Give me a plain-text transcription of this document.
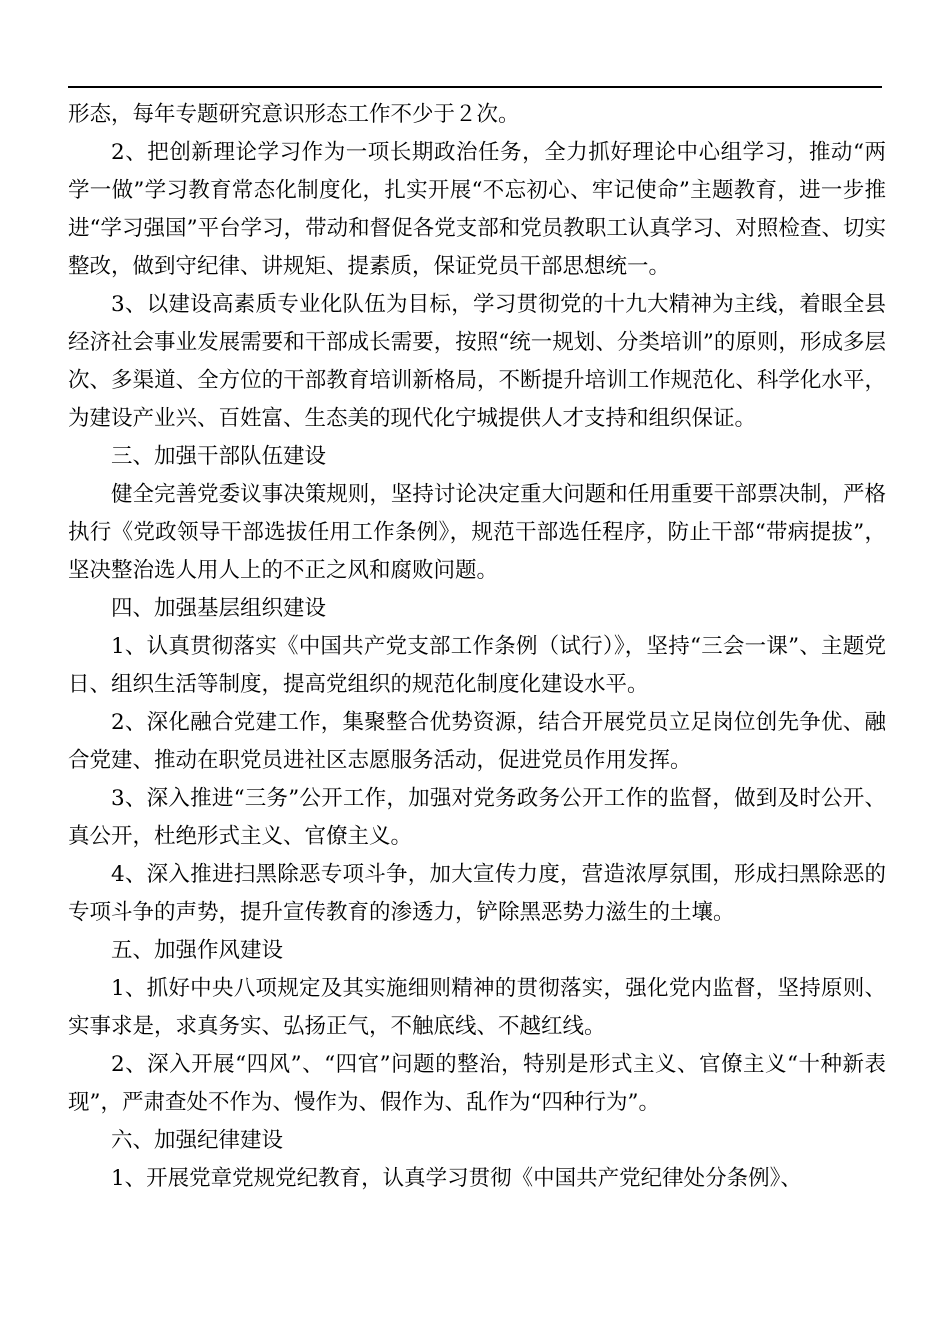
形态，每年专题研究意识形态工作不少于２次。

2、把创新理论学习作为一项长期政治任务，全力抓好理论中心组学习，推动“两学一做”学习教育常态化制度化，扎实开展“不忘初心、牢记使命”主题教育，进一步推进“学习强国”平台学习，带动和督促各党支部和党员教职工认真学习、对照检查、切实整改，做到守纪律、讲规矩、提素质，保证党员干部思想统一。

3、以建设高素质专业化队伍为目标，学习贯彻党的十九大精神为主线，着眼全县经济社会事业发展需要和干部成长需要，按照“统一规划、分类培训”的原则，形成多层次、多渠道、全方位的干部教育培训新格局，不断提升培训工作规范化、科学化水平，为建设产业兴、百姓富、生态美的现代化宁城提供人才支持和组织保证。

三、加强干部队伍建设

健全完善党委议事决策规则，坚持讨论决定重大问题和任用重要干部票决制，严格执行《党政领导干部选拔任用工作条例》，规范干部选任程序，防止干部“带病提拔”，坚决整治选人用人上的不正之风和腐败问题。

四、加强基层组织建设

1、认真贯彻落实《中国共产党支部工作条例（试行）》，坚持“三会一课”、主题党日、组织生活等制度，提高党组织的规范化制度化建设水平。

2、深化融合党建工作，集聚整合优势资源，结合开展党员立足岗位创先争优、融合党建、推动在职党员进社区志愿服务活动，促进党员作用发挥。

3、深入推进“三务”公开工作，加强对党务政务公开工作的监督，做到及时公开、真公开，杜绝形式主义、官僚主义。

4、深入推进扫黑除恶专项斗争，加大宣传力度，营造浓厚氛围，形成扫黑除恶的专项斗争的声势，提升宣传教育的渗透力，铲除黑恶势力滋生的土壤。

五、加强作风建设

1、抓好中央八项规定及其实施细则精神的贯彻落实，强化党内监督，坚持原则、实事求是，求真务实、弘扬正气，不触底线、不越红线。

2、深入开展“四风”、“四官”问题的整治，特别是形式主义、官僚主义“十种新表现”，严肃查处不作为、慢作为、假作为、乱作为“四种行为”。

六、加强纪律建设

1、开展党章党规党纪教育，认真学习贯彻《中国共产党纪律处分条例》、
